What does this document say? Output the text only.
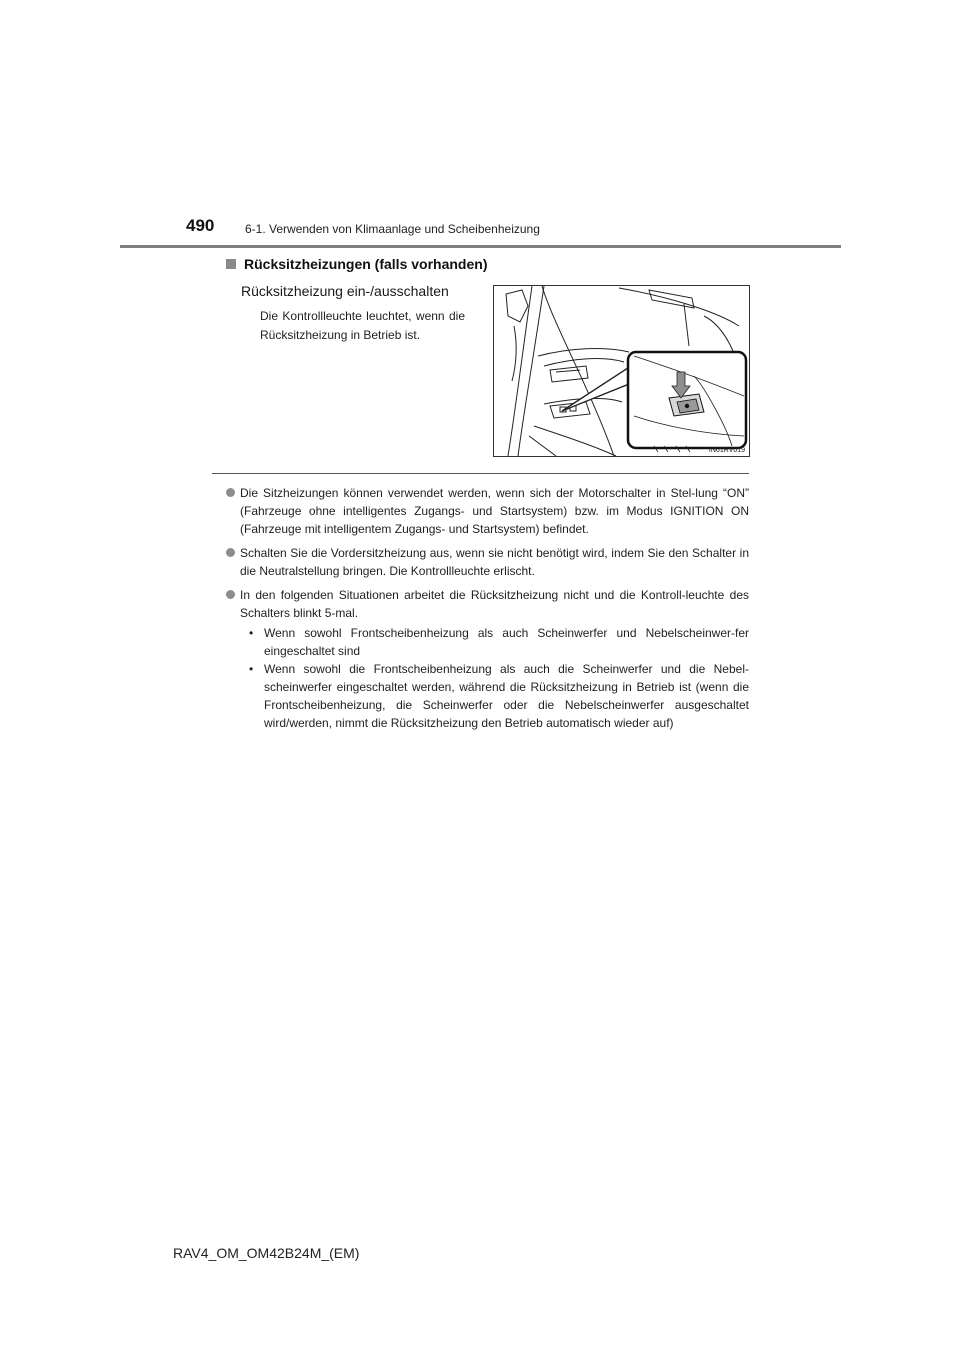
490	6-1. Verwenden von Klimaanlage und Scheibenheizung
Rücksitzheizungen (falls vorhanden)
Rücksitzheizung ein-/ausschalten
Die Kontrollleuchte leuchtet, wenn die Rücksitzheizung in Betrieb ist.
IN61RV019
Die Sitzheizungen können verwendet werden, wenn sich der Motorschalter in Stel-lung “ON” (Fahrzeuge ohne intelligentes Zugangs- und Startsystem) bzw. im Modus IGNITION ON (Fahrzeuge mit intelligentem Zugangs- und Startsystem) befindet.
Schalten Sie die Vordersitzheizung aus, wenn sie nicht benötigt wird, indem Sie den Schalter in die Neutralstellung bringen. Die Kontrollleuchte erlischt.
In den folgenden Situationen arbeitet die Rücksitzheizung nicht und die Kontroll-leuchte des Schalters blinkt 5-mal.
• Wenn sowohl Frontscheibenheizung als auch Scheinwerfer und Nebelscheinwer-fer eingeschaltet sind
• Wenn sowohl die Frontscheibenheizung als auch die Scheinwerfer und die Nebel-scheinwerfer eingeschaltet werden, während die Rücksitzheizung in Betrieb ist (wenn die Frontscheibenheizung, die Scheinwerfer oder die Nebelscheinwerfer ausgeschaltet wird/werden, nimmt die Rücksitzheizung den Betrieb automatisch wieder auf)
RAV4_OM_OM42B24M_(EM)
